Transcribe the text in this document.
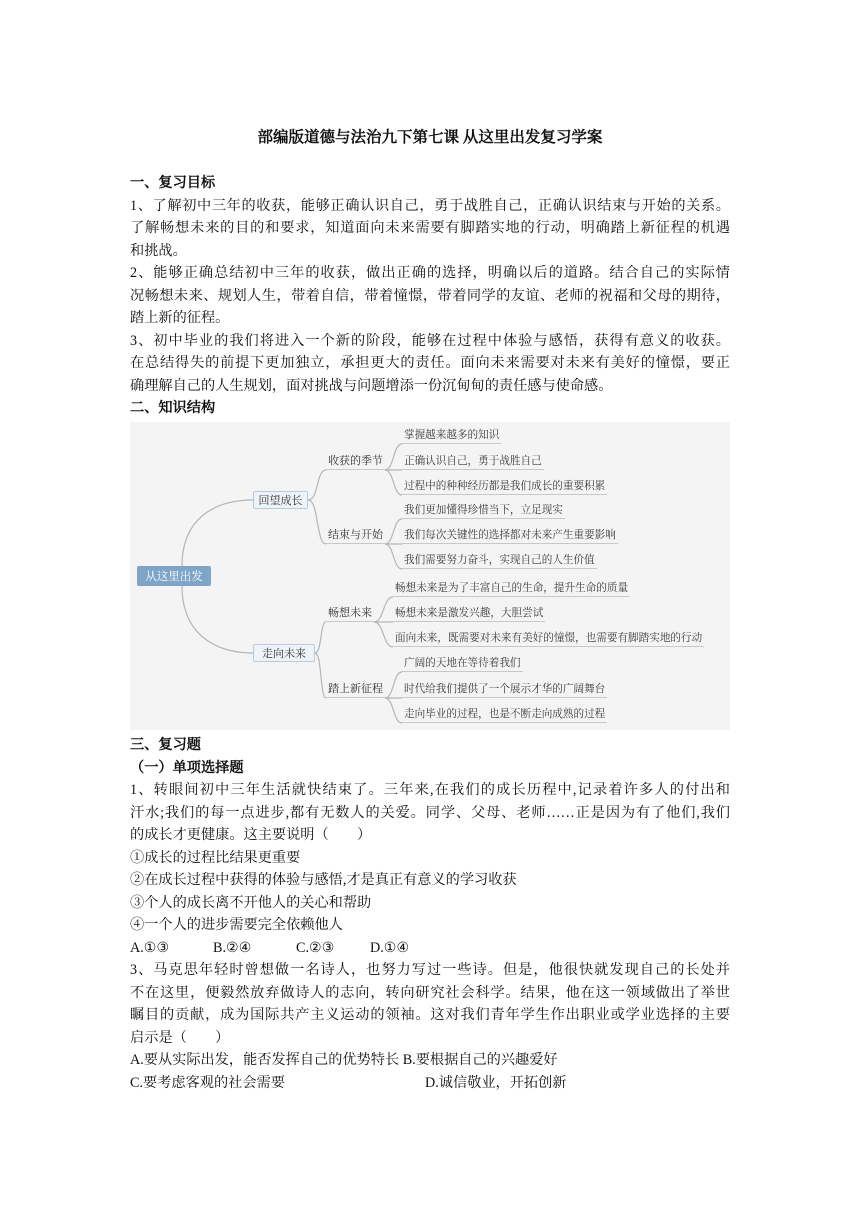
部编版道德与法治九下第七课 从这里出发复习学案
一、复习目标
1、了解初中三年的收获，能够正确认识自己，勇于战胜自己，正确认识结束与开始的关系。
了解畅想未来的目的和要求，知道面向未来需要有脚踏实地的行动，明确踏上新征程的机遇
和挑战。
2、能够正确总结初中三年的收获，做出正确的选择，明确以后的道路。结合自己的实际情
况畅想未来、规划人生，带着自信，带着憧憬，带着同学的友谊、老师的祝福和父母的期待，
踏上新的征程。
3、初中毕业的我们将进入一个新的阶段，能够在过程中体验与感悟，获得有意义的收获。
在总结得失的前提下更加独立，承担更大的责任。面向未来需要对未来有美好的憧憬，要正
确理解自己的人生规划，面对挑战与问题增添一份沉甸甸的责任感与使命感。
二、知识结构
从这里出发
回望成长
走向未来
收获的季节
结束与开始
畅想未来
踏上新征程
掌握越来越多的知识
正确认识自己，勇于战胜自己
过程中的种种经历都是我们成长的重要积累
我们更加懂得珍惜当下，立足现实
我们每次关键性的选择都对未来产生重要影响
我们需要努力奋斗，实现自己的人生价值
畅想未来是为了丰富自己的生命，提升生命的质量
畅想未来是激发兴趣，大胆尝试
面向未来，既需要对未来有美好的憧憬，也需要有脚踏实地的行动
广阔的天地在等待着我们
时代给我们提供了一个展示才华的广阔舞台
走向毕业的过程，也是不断走向成熟的过程
三、复习题
（一）单项选择题
1、转眼间初中三年生活就快结束了。三年来,在我们的成长历程中,记录着许多人的付出和
汗水;我们的每一点进步,都有无数人的关爱。同学、父母、老师……正是因为有了他们,我们
的成长才更健康。这主要说明（        ）
①成长的过程比结果更重要
②在成长过程中获得的体验与感悟,才是真正有意义的学习收获
③个人的成长离不开他人的关心和帮助
④一个人的进步需要完全依赖他人

A.①③

	B.②④

	C.②③

	D.①④

3、马克思年轻时曾想做一名诗人，也努力写过一些诗。但是，他很快就发现自己的长处并
不在这里，便毅然放弃做诗人的志向，转向研究社会科学。结果，他在这一领域做出了举世
瞩目的贡献，成为国际共产主义运动的领袖。这对我们青年学生作出职业或学业选择的主要
启示是（        ）
A.要从实际出发，能否发挥自己的优势特长 B.要根据自己的兴趣爱好

C.要考虑客观的社会需要

	D.诚信敬业，开拓创新
